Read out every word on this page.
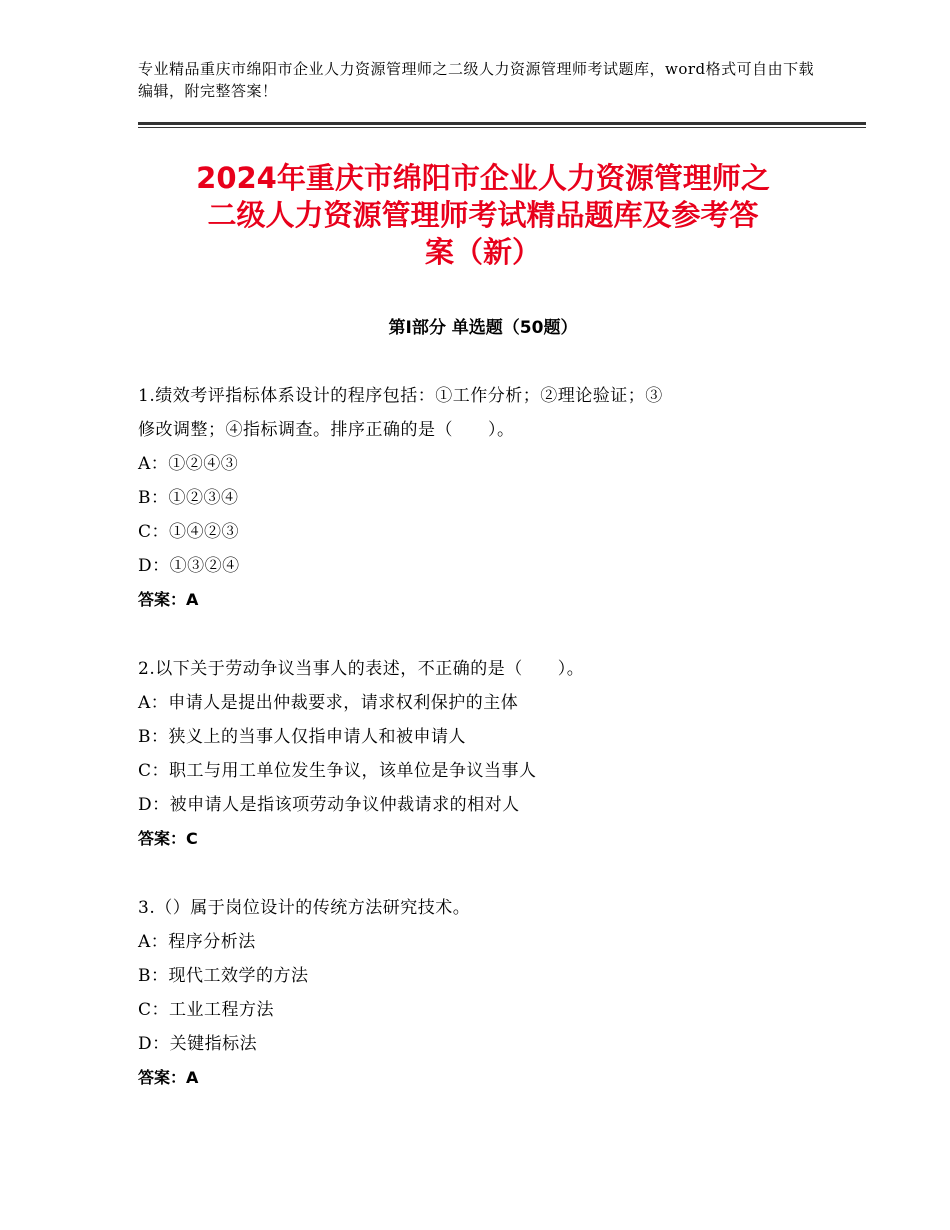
专业精品重庆市绵阳市企业人力资源管理师之二级人力资源管理师考试题库，word格式可自由下载编辑，附完整答案！
2024年重庆市绵阳市企业人力资源管理师之
二级人力资源管理师考试精品题库及参考答
案（新）
第Ⅰ部分 单选题（50题）
1.绩效考评指标体系设计的程序包括：①工作分析；②理论验证；③
修改调整；④指标调查。排序正确的是（　　）。
A：①②④③
B：①②③④
C：①④②③
D：①③②④
答案：A
2.以下关于劳动争议当事人的表述，不正确的是（　　）。
A：申请人是提出仲裁要求，请求权利保护的主体
B：狭义上的当事人仅指申请人和被申请人
C：职工与用工单位发生争议，该单位是争议当事人
D：被申请人是指该项劳动争议仲裁请求的相对人
答案：C
3.（）属于岗位设计的传统方法研究技术。
A：程序分析法
B：现代工效学的方法
C：工业工程方法
D：关键指标法
答案：A
